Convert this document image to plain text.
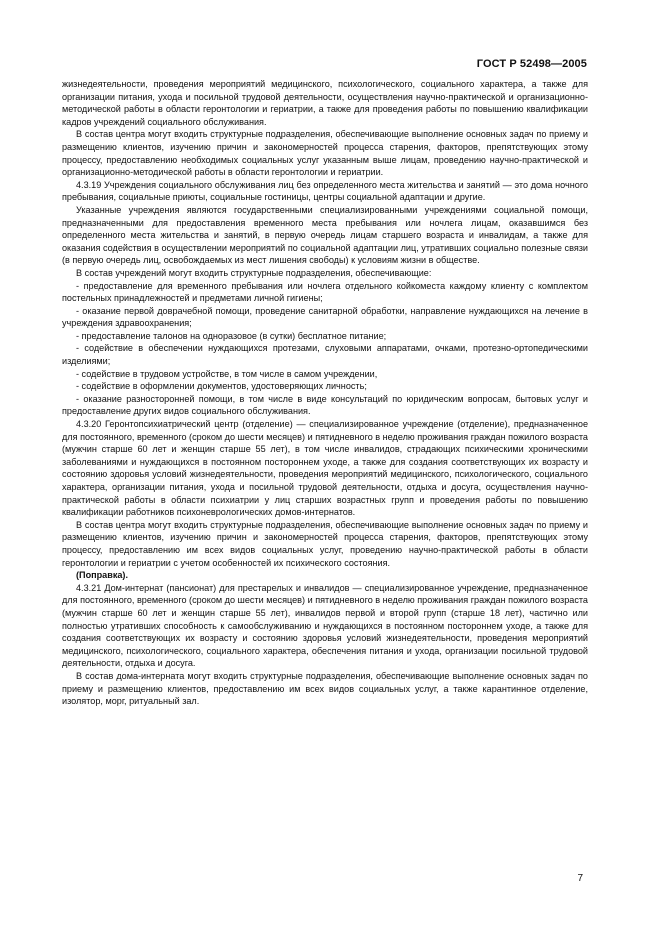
ГОСТ Р 52498—2005

жизнедеятельности, проведения мероприятий медицинского, психологического, социального характера, а также для организации питания, ухода и посильной трудовой деятельности, осуществления научно-практической и организационно-методической работы в области геронтологии и гериатрии, а также для проведения работы по повышению квалификации кадров учреждений социального обслуживания.

В состав центра могут входить структурные подразделения, обеспечивающие выполнение основных задач по приему и размещению клиентов, изучению причин и закономерностей процесса старения, факторов, препятствующих этому процессу, предоставлению необходимых социальных услуг указанным выше лицам, проведению научно-практической и организационно-методической работы в области геронтологии и гериатрии.

4.3.19 Учреждения социального обслуживания лиц без определенного места жительства и занятий — это дома ночного пребывания, социальные приюты, социальные гостиницы, центры социальной адаптации и другие.

Указанные учреждения являются государственными специализированными учреждениями социальной помощи, предназначенными для предоставления временного места пребывания или ночлега лицам, оказавшимся без определенного места жительства и занятий, в первую очередь лицам старшего возраста и инвалидам, а также для оказания содействия в осуществлении мероприятий по социальной адаптации лиц, утративших социально полезные связи (в первую очередь лиц, освобождаемых из мест лишения свободы) к условиям жизни в обществе.

В состав учреждений могут входить структурные подразделения, обеспечивающие:

- предоставление для временного пребывания или ночлега отдельного койкоместа каждому клиенту с комплектом постельных принадлежностей и предметами личной гигиены;

- оказание первой доврачебной помощи, проведение санитарной обработки, направление нуждающихся на лечение в учреждения здравоохранения;

- предоставление талонов на одноразовое (в сутки) бесплатное питание;

- содействие в обеспечении нуждающихся протезами, слуховыми аппаратами, очками, протезно-ортопедическими изделиями;

- содействие в трудовом устройстве, в том числе в самом учреждении,

- содействие в оформлении документов, удостоверяющих личность;

- оказание разносторонней помощи, в том числе в виде консультаций по юридическим вопросам, бытовых услуг и предоставление других видов социального обслуживания.

4.3.20 Геронтопсихиатрический центр (отделение) — специализированное учреждение (отделение), предназначенное для постоянного, временного (сроком до шести месяцев) и пятидневного в неделю проживания граждан пожилого возраста (мужчин старше 60 лет и женщин старше 55 лет), в том числе инвалидов, страдающих психическими хроническими заболеваниями и нуждающихся в постоянном постороннем уходе, а также для создания соответствующих их возрасту и состоянию здоровья условий жизнедеятельности, проведения мероприятий медицинского, психологического, социального характера, организации питания, ухода и посильной трудовой деятельности, отдыха и досуга, осуществления научно-практической работы в области психиатрии у лиц старших возрастных групп и проведения работы по повышению квалификации работников психоневрологических домов-интернатов.

В состав центра могут входить структурные подразделения, обеспечивающие выполнение основных задач по приему и размещению клиентов, изучению причин и закономерностей процесса старения, факторов, препятствующих этому процессу, предоставлению им всех видов социальных услуг, проведению научно-практической работы в области геронтологии и гериатрии с учетом особенностей их психического состояния.

(Поправка).

4.3.21 Дом-интернат (пансионат) для престарелых и инвалидов — специализированное учреждение, предназначенное для постоянного, временного (сроком до шести месяцев) и пятидневного в неделю проживания граждан пожилого возраста (мужчин старше 60 лет и женщин старше 55 лет), инвалидов первой и второй групп (старше 18 лет), частично или полностью утративших способность к самообслуживанию и нуждающихся в постоянном постороннем уходе, а также для создания соответствующих их возрасту и состоянию здоровья условий жизнедеятельности, проведения мероприятий медицинского, психологического, социального характера, обеспечения питания и ухода, организации посильной трудовой деятельности, отдыха и досуга.

В состав дома-интерната могут входить структурные подразделения, обеспечивающие выполнение основных задач по приему и размещению клиентов, предоставлению им всех видов социальных услуг, а также карантинное отделение, изолятор, морг, ритуальный зал.

7
